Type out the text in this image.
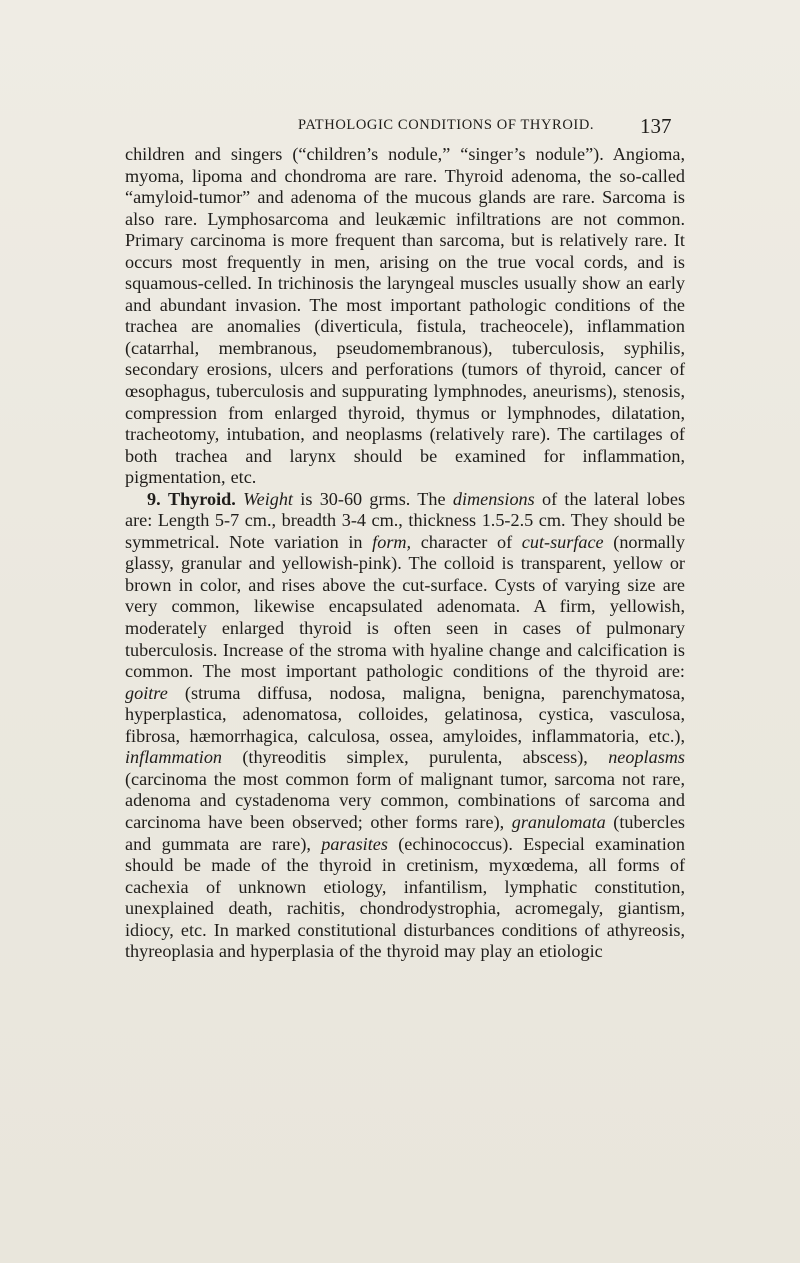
PATHOLOGIC CONDITIONS OF THYROID. 137

children and singers (“children’s nodule,” “singer’s nodule”). Angioma, myoma, lipoma and chondroma are rare. Thyroid adenoma, the so-called “amyloid-tumor” and adenoma of the mucous glands are rare. Sarcoma is also rare. Lymphosarcoma and leukæmic infiltrations are not common. Primary carcinoma is more frequent than sarcoma, but is relatively rare. It occurs most frequently in men, arising on the true vocal cords, and is squamous-celled. In trichinosis the laryngeal muscles usually show an early and abundant invasion. The most important pathologic conditions of the trachea are anomalies (diverticula, fistula, tracheocele), inflammation (catarrhal, membranous, pseudomembranous), tuberculosis, syphilis, secondary erosions, ulcers and perforations (tumors of thyroid, cancer of œsophagus, tuberculosis and suppurating lymphnodes, aneurisms), stenosis, compression from enlarged thyroid, thymus or lymphnodes, dilatation, tracheotomy, intubation, and neoplasms (relatively rare). The cartilages of both trachea and larynx should be examined for inflammation, pigmentation, etc.

9. Thyroid. Weight is 30-60 grms. The dimensions of the lateral lobes are: Length 5-7 cm., breadth 3-4 cm., thickness 1.5-2.5 cm. They should be symmetrical. Note variation in form, character of cut-surface (normally glassy, granular and yellowish-pink). The colloid is transparent, yellow or brown in color, and rises above the cut-surface. Cysts of varying size are very common, likewise encapsulated adenomata. A firm, yellowish, moderately enlarged thyroid is often seen in cases of pulmonary tuberculosis. Increase of the stroma with hyaline change and calcification is common. The most important pathologic conditions of the thyroid are: goitre (struma diffusa, nodosa, maligna, benigna, parenchymatosa, hyperplastica, adenomatosa, colloides, gelatinosa, cystica, vasculosa, fibrosa, hæmorrhagica, calculosa, ossea, amyloides, inflammatoria, etc.), inflammation (thyreoditis simplex, purulenta, abscess), neoplasms (carcinoma the most common form of malignant tumor, sarcoma not rare, adenoma and cystadenoma very common, combinations of sarcoma and carcinoma have been observed; other forms rare), granulomata (tubercles and gummata are rare), parasites (echinococcus). Especial examination should be made of the thyroid in cretinism, myxœdema, all forms of cachexia of unknown etiology, infantilism, lymphatic constitution, unexplained death, rachitis, chondrodystrophia, acromegaly, giantism, idiocy, etc. In marked constitutional disturbances conditions of athyreosis, thyreoplasia and hyperplasia of the thyroid may play an etiologic
